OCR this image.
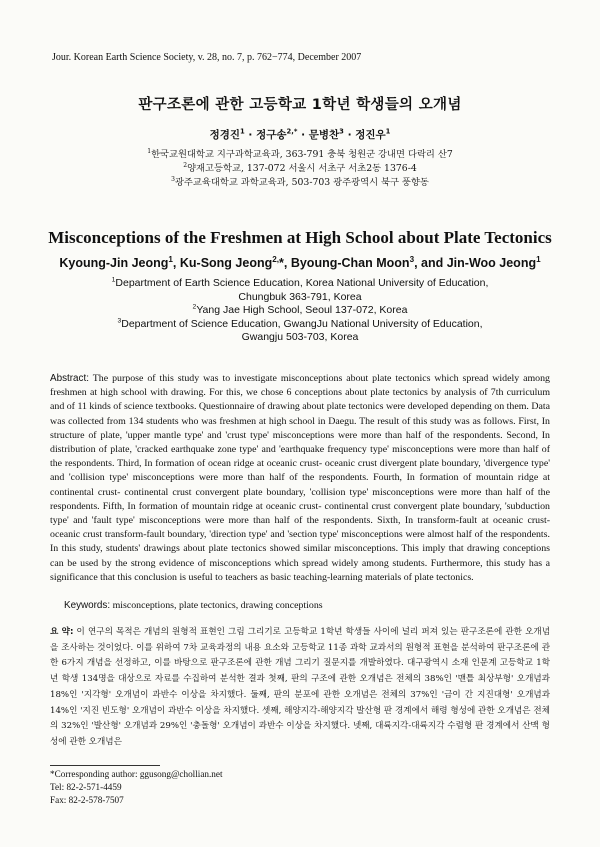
Jour. Korean Earth Science Society, v. 28, no. 7, p. 762−774, December 2007
판구조론에 관한 고등학교 1학년 학생들의 오개념
정경진$^1$ · 정구송$^{2,*}$ · 문병찬$^3$ · 정진우$^1$
$^1$한국교원대학교 지구과학교육과, 363-791 충북 청원군 강내면 다락리 산7
$^2$양재고등학교, 137-072 서울시 서초구 서초2동 1376-4
$^3$광주교육대학교 과학교육과, 503-703 광주광역시 북구 풍향동
Misconceptions of the Freshmen at High School about Plate Tectonics
Kyoung-Jin Jeong$^1$, Ku-Song Jeong$^{2,}$*, Byoung-Chan Moon$^3$, and Jin-Woo Jeong$^1$
$^1$Department of Earth Science Education, Korea National University of Education,
Chungbuk 363-791, Korea
$^2$Yang Jae High School, Seoul 137-072, Korea
$^3$Department of Science Education, GwangJu National University of Education,
Gwangju 503-703, Korea
Abstract: The purpose of this study was to investigate misconceptions about plate tectonics which spread widely among freshmen at high school with drawing. For this, we chose 6 conceptions about plate tectonics by analysis of 7th curriculum and of 11 kinds of science textbooks. Questionnaire of drawing about plate tectonics were developed depending on them. Data was collected from 134 students who was freshmen at high school in Daegu. The result of this study was as follows. First, In structure of plate, 'upper mantle type' and 'crust type' misconceptions were more than half of the respondents. Second, In distribution of plate, 'cracked earthquake zone type' and 'earthquake frequency type' misconceptions were more than half of the respondents. Third, In formation of ocean ridge at oceanic crust- oceanic crust divergent plate boundary, 'divergence type' and 'collision type' misconceptions were more than half of the respondents. Fourth, In formation of mountain ridge at continental crust- continental crust convergent plate boundary, 'collision type' misconceptions were more than half of the respondents. Fifth, In formation of mountain ridge at oceanic crust- continental crust convergent plate boundary, 'subduction type' and 'fault type' misconceptions were more than half of the respondents. Sixth, In transform-fault at oceanic crust- oceanic crust transform-fault boundary, 'direction type' and 'section type' misconceptions were almost half of the respondents. In this study, students' drawings about plate tectonics showed similar misconceptions. This imply that drawing conceptions can be used by the strong evidence of misconceptions which spread widely among students. Furthermore, this study has a significance that this conclusion is useful to teachers as basic teaching-learning materials of plate tectonics.
Keywords: misconceptions, plate tectonics, drawing conceptions
요 약: 이 연구의 목적은 개념의 원형적 표현인 그림 그리기로 고등학교 1학년 학생들 사이에 널리 퍼져 있는 판구조론에 관한 오개념을 조사하는 것이었다. 이를 위하여 7차 교육과정의 내용 요소와 고등학교 11종 과학 교과서의 원형적 표현을 분석하여 판구조론에 관한 6가지 개념을 선정하고, 이를 바탕으로 판구조론에 관한 개념 그리기 질문지를 개발하였다. 대구광역시 소재 인문계 고등학교 1학년 학생 134명을 대상으로 자료를 수집하여 분석한 결과 첫째, 판의 구조에 관한 오개념은 전체의 38%인 '맨틀 최상부형' 오개념과 18%인 '지각형' 오개념이 과반수 이상을 차지했다. 둘째, 판의 분포에 관한 오개념은 전체의 37%인 '금이 간 지진대형' 오개념과 14%인 '지진 빈도형' 오개념이 과반수 이상을 차지했다. 셋째, 해양지각-해양지각 발산형 판 경계에서 해령 형성에 관한 오개념은 전체의 32%인 '발산형' 오개념과 29%인 '충돌형' 오개념이 과반수 이상을 차지했다. 넷째, 대륙지각-대륙지각 수렴형 판 경계에서 산맥 형성에 관한 오개념은
*Corresponding author: ggusong@chollian.net
Tel: 82-2-571-4459
Fax: 82-2-578-7507
